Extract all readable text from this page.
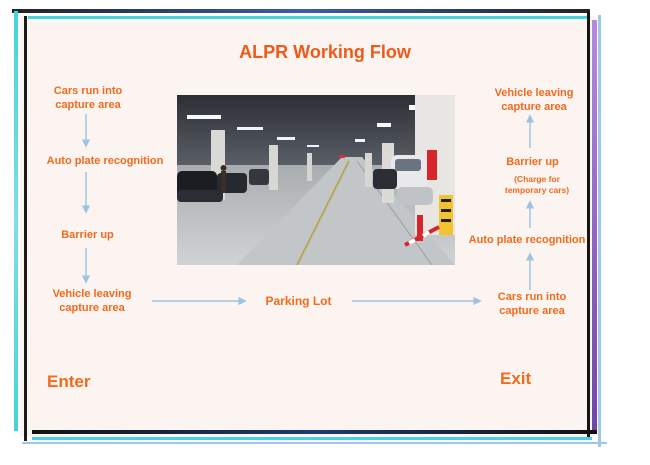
ALPR Working Flow
Cars run into
capture area
Auto plate recognition
Barrier up
Vehicle leaving
capture area	Parking Lot	Cars run into
capture area
Auto plate recognition
Barrier up
(Charge for
temporary cars)
Vehicle leaving
capture area
Enter	Exit
